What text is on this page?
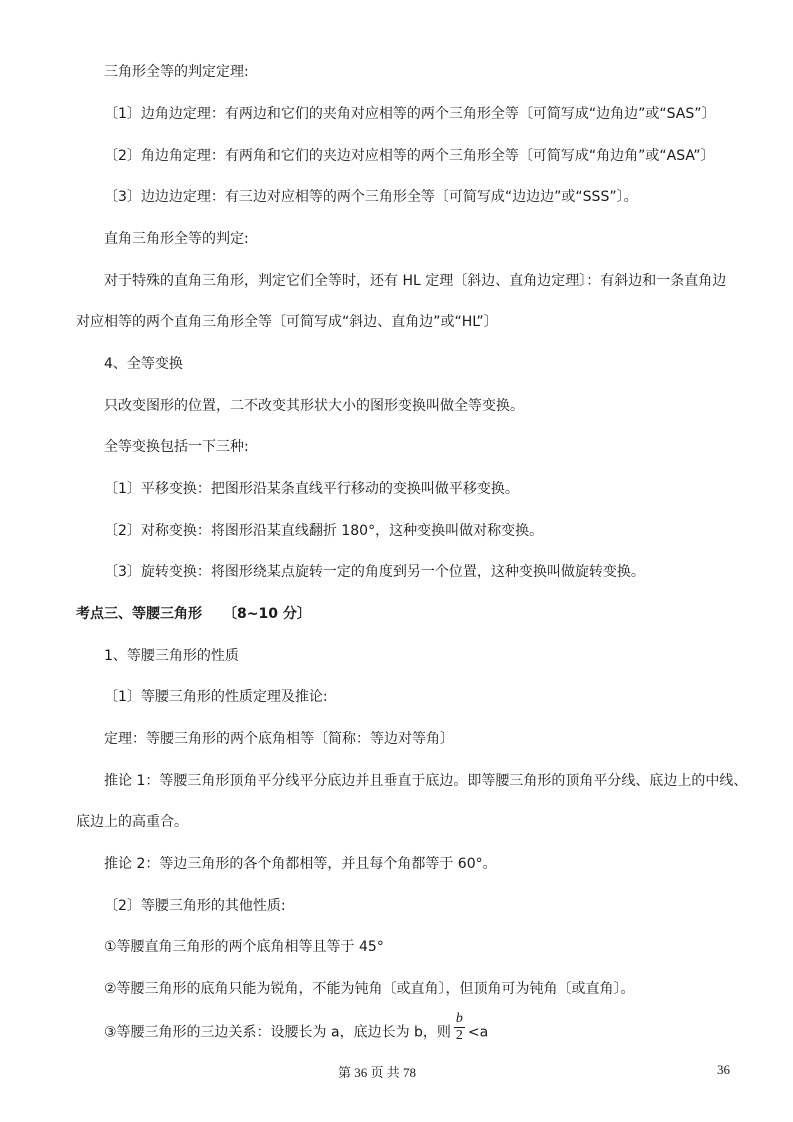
三角形全等的判定定理:
〔1〕边角边定理：有两边和它们的夹角对应相等的两个三角形全等〔可简写成“边角边”或“SAS”〕
〔2〕角边角定理：有两角和它们的夹边对应相等的两个三角形全等〔可简写成“角边角”或“ASA”〕
〔3〕边边边定理：有三边对应相等的两个三角形全等〔可简写成“边边边”或“SSS”〕。
直角三角形全等的判定:
对于特殊的直角三角形，判定它们全等时，还有 HL 定理〔斜边、直角边定理〕：有斜边和一条直角边
对应相等的两个直角三角形全等〔可简写成“斜边、直角边”或“HL”〕
4、全等变换
只改变图形的位置，二不改变其形状大小的图形变换叫做全等变换。
全等变换包括一下三种:
〔1〕平移变换：把图形沿某条直线平行移动的变换叫做平移变换。
〔2〕对称变换：将图形沿某直线翻折 180°，这种变换叫做对称变换。
〔3〕旋转变换：将图形绕某点旋转一定的角度到另一个位置，这种变换叫做旋转变换。
考点三、等腰三角形　　〔8~10 分〕
1、等腰三角形的性质
〔1〕等腰三角形的性质定理及推论:
定理：等腰三角形的两个底角相等〔简称：等边对等角〕
推论 1：等腰三角形顶角平分线平分底边并且垂直于底边。即等腰三角形的顶角平分线、底边上的中线、
底边上的高重合。
推论 2：等边三角形的各个角都相等，并且每个角都等于 60°。
〔2〕等腰三角形的其他性质:
①等腰直角三角形的两个底角相等且等于 45°
②等腰三角形的底角只能为锐角，不能为钝角〔或直角〕，但顶角可为钝角〔或直角〕。
③等腰三角形的三边关系：设腰长为 a，底边长为 b，则 $\frac{b}{2} <a$
第 36 页 共 78	36
